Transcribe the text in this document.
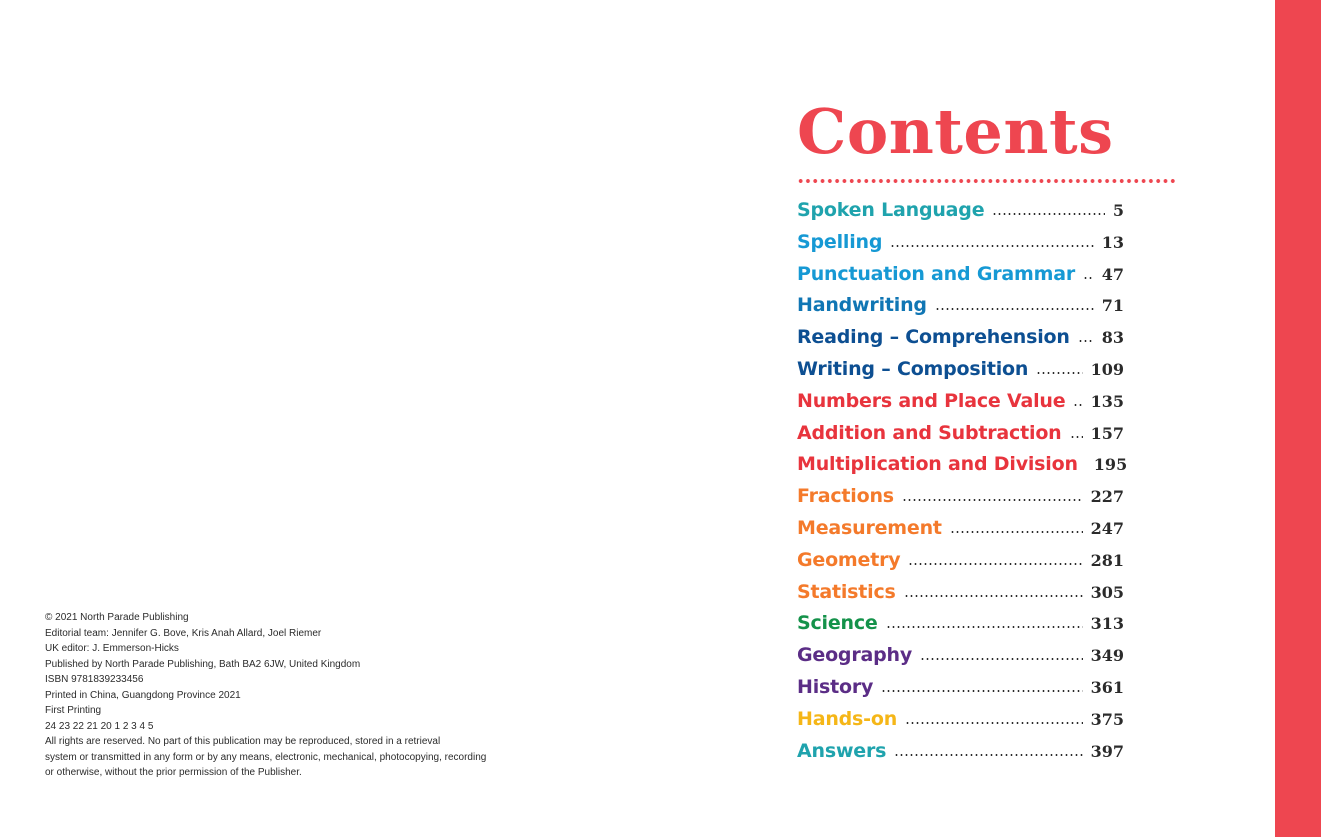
Contents
Spoken Language	5
Spelling	13
Punctuation and Grammar 47
Handwriting	71
Reading – Comprehension 83
Writing – Composition	109
Numbers and Place Value 135
Addition and Subtraction 157
Multiplication and Division 195
Fractions	227
Measurement	247
Geometry	281
Statistics	305
Science	313
Geography	349
History	361
Hands-on	375
Answers	397
© 2021 North Parade Publishing
Editorial team: Jennifer G. Bove, Kris Anah Allard, Joel Riemer
UK editor: J. Emmerson-Hicks
Published by North Parade Publishing, Bath BA2 6JW, United Kingdom
ISBN 9781839233456
Printed in China, Guangdong Province 2021
First Printing
24 23 22 21 20 1 2 3 4 5
All rights are reserved. No part of this publication may be reproduced, stored in a retrieval
system or transmitted in any form or by any means, electronic, mechanical, photocopying, recording
or otherwise, without the prior permission of the Publisher.
